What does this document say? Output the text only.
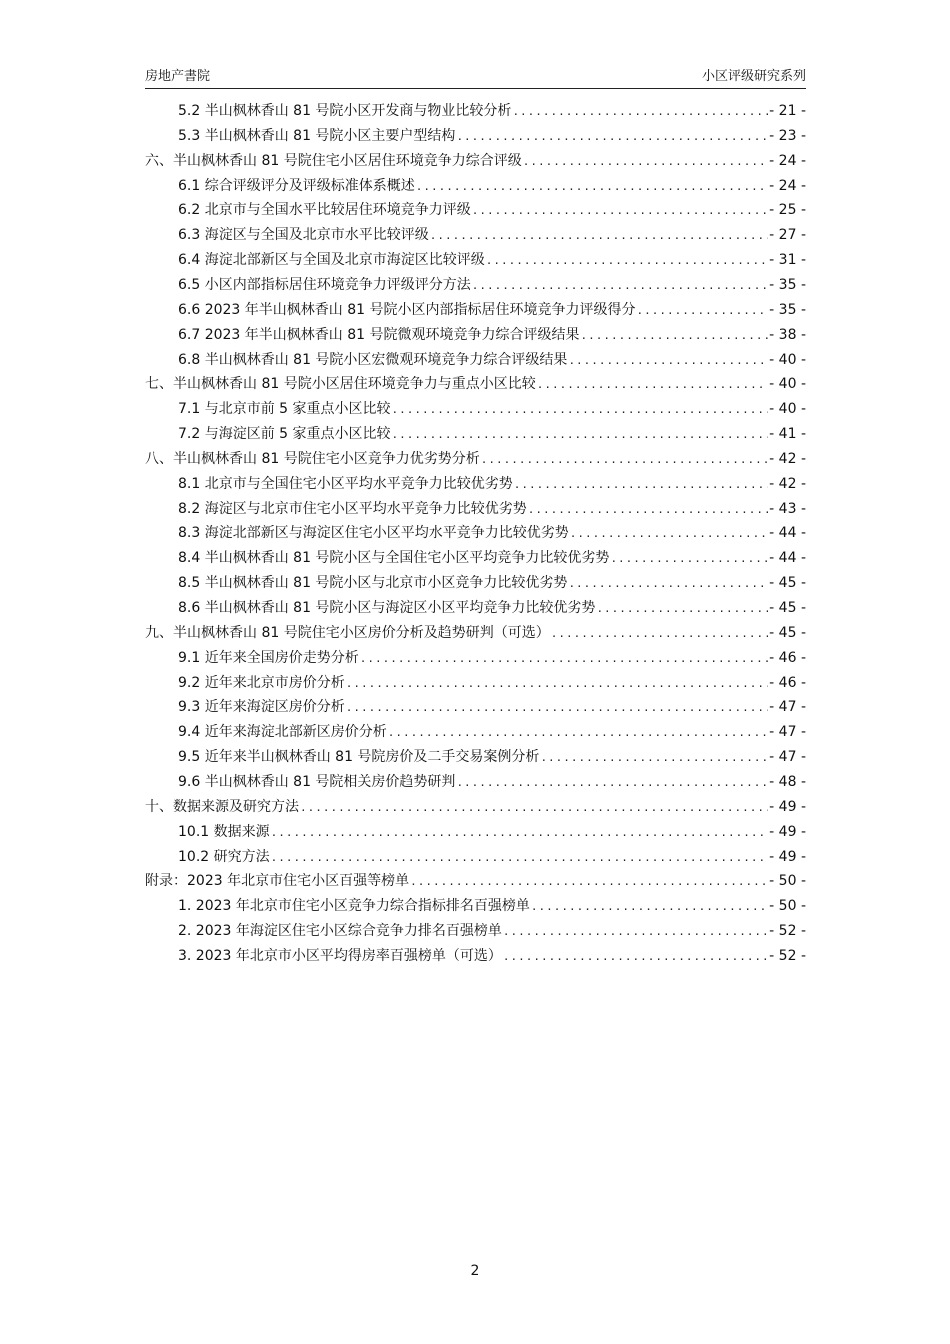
房地产書院	小区评级研究系列
5.2 半山枫林香山 81 号院小区开发商与物业比较分析 .....	- 21 -
5.3 半山枫林香山 81 号院小区主要户型结构 .....	- 23 -
六、半山枫林香山 81 号院住宅小区居住环境竞争力综合评级 .....	- 24 -
6.1 综合评级评分及评级标准体系概述 .....	- 24 -
6.2 北京市与全国水平比较居住环境竞争力评级 .....	- 25 -
6.3 海淀区与全国及北京市水平比较评级 .....	- 27 -
6.4 海淀北部新区与全国及北京市海淀区比较评级 .....	- 31 -
6.5 小区内部指标居住环境竞争力评级评分方法 .....	- 35 -
6.6 2023 年半山枫林香山 81 号院小区内部指标居住环境竞争力评级得分 .....	- 35 -
6.7 2023 年半山枫林香山 81 号院微观环境竞争力综合评级结果 .....	- 38 -
6.8 半山枫林香山 81 号院小区宏微观环境竞争力综合评级结果 .....	- 40 -
七、半山枫林香山 81 号院小区居住环境竞争力与重点小区比较 .....	- 40 -
7.1 与北京市前 5 家重点小区比较 .....	- 40 -
7.2 与海淀区前 5 家重点小区比较 .....	- 41 -
八、半山枫林香山 81 号院住宅小区竞争力优劣势分析 .....	- 42 -
8.1 北京市与全国住宅小区平均水平竞争力比较优劣势 .....	- 42 -
8.2 海淀区与北京市住宅小区平均水平竞争力比较优劣势 .....	- 43 -
8.3 海淀北部新区与海淀区住宅小区平均水平竞争力比较优劣势 .....	- 44 -
8.4 半山枫林香山 81 号院小区与全国住宅小区平均竞争力比较优劣势 .....	- 44 -
8.5 半山枫林香山 81 号院小区与北京市小区竞争力比较优劣势 .....	- 45 -
8.6 半山枫林香山 81 号院小区与海淀区小区平均竞争力比较优劣势 .....	- 45 -
九、半山枫林香山 81 号院住宅小区房价分析及趋势研判（可选） .....	- 45 -
9.1 近年来全国房价走势分析 .....	- 46 -
9.2 近年来北京市房价分析 .....	- 46 -
9.3 近年来海淀区房价分析 .....	- 47 -
9.4 近年来海淀北部新区房价分析 .....	- 47 -
9.5 近年来半山枫林香山 81 号院房价及二手交易案例分析 .....	- 47 -
9.6 半山枫林香山 81 号院相关房价趋势研判 .....	- 48 -
十、数据来源及研究方法 .....	- 49 -
10.1 数据来源 .....	- 49 -
10.2 研究方法 .....	- 49 -
附录：2023 年北京市住宅小区百强等榜单 .....	- 50 -
1. 2023 年北京市住宅小区竞争力综合指标排名百强榜单 .....	- 50 -
2. 2023 年海淀区住宅小区综合竞争力排名百强榜单 .....	- 52 -
3. 2023 年北京市小区平均得房率百强榜单（可选） .....	- 52 -
2
